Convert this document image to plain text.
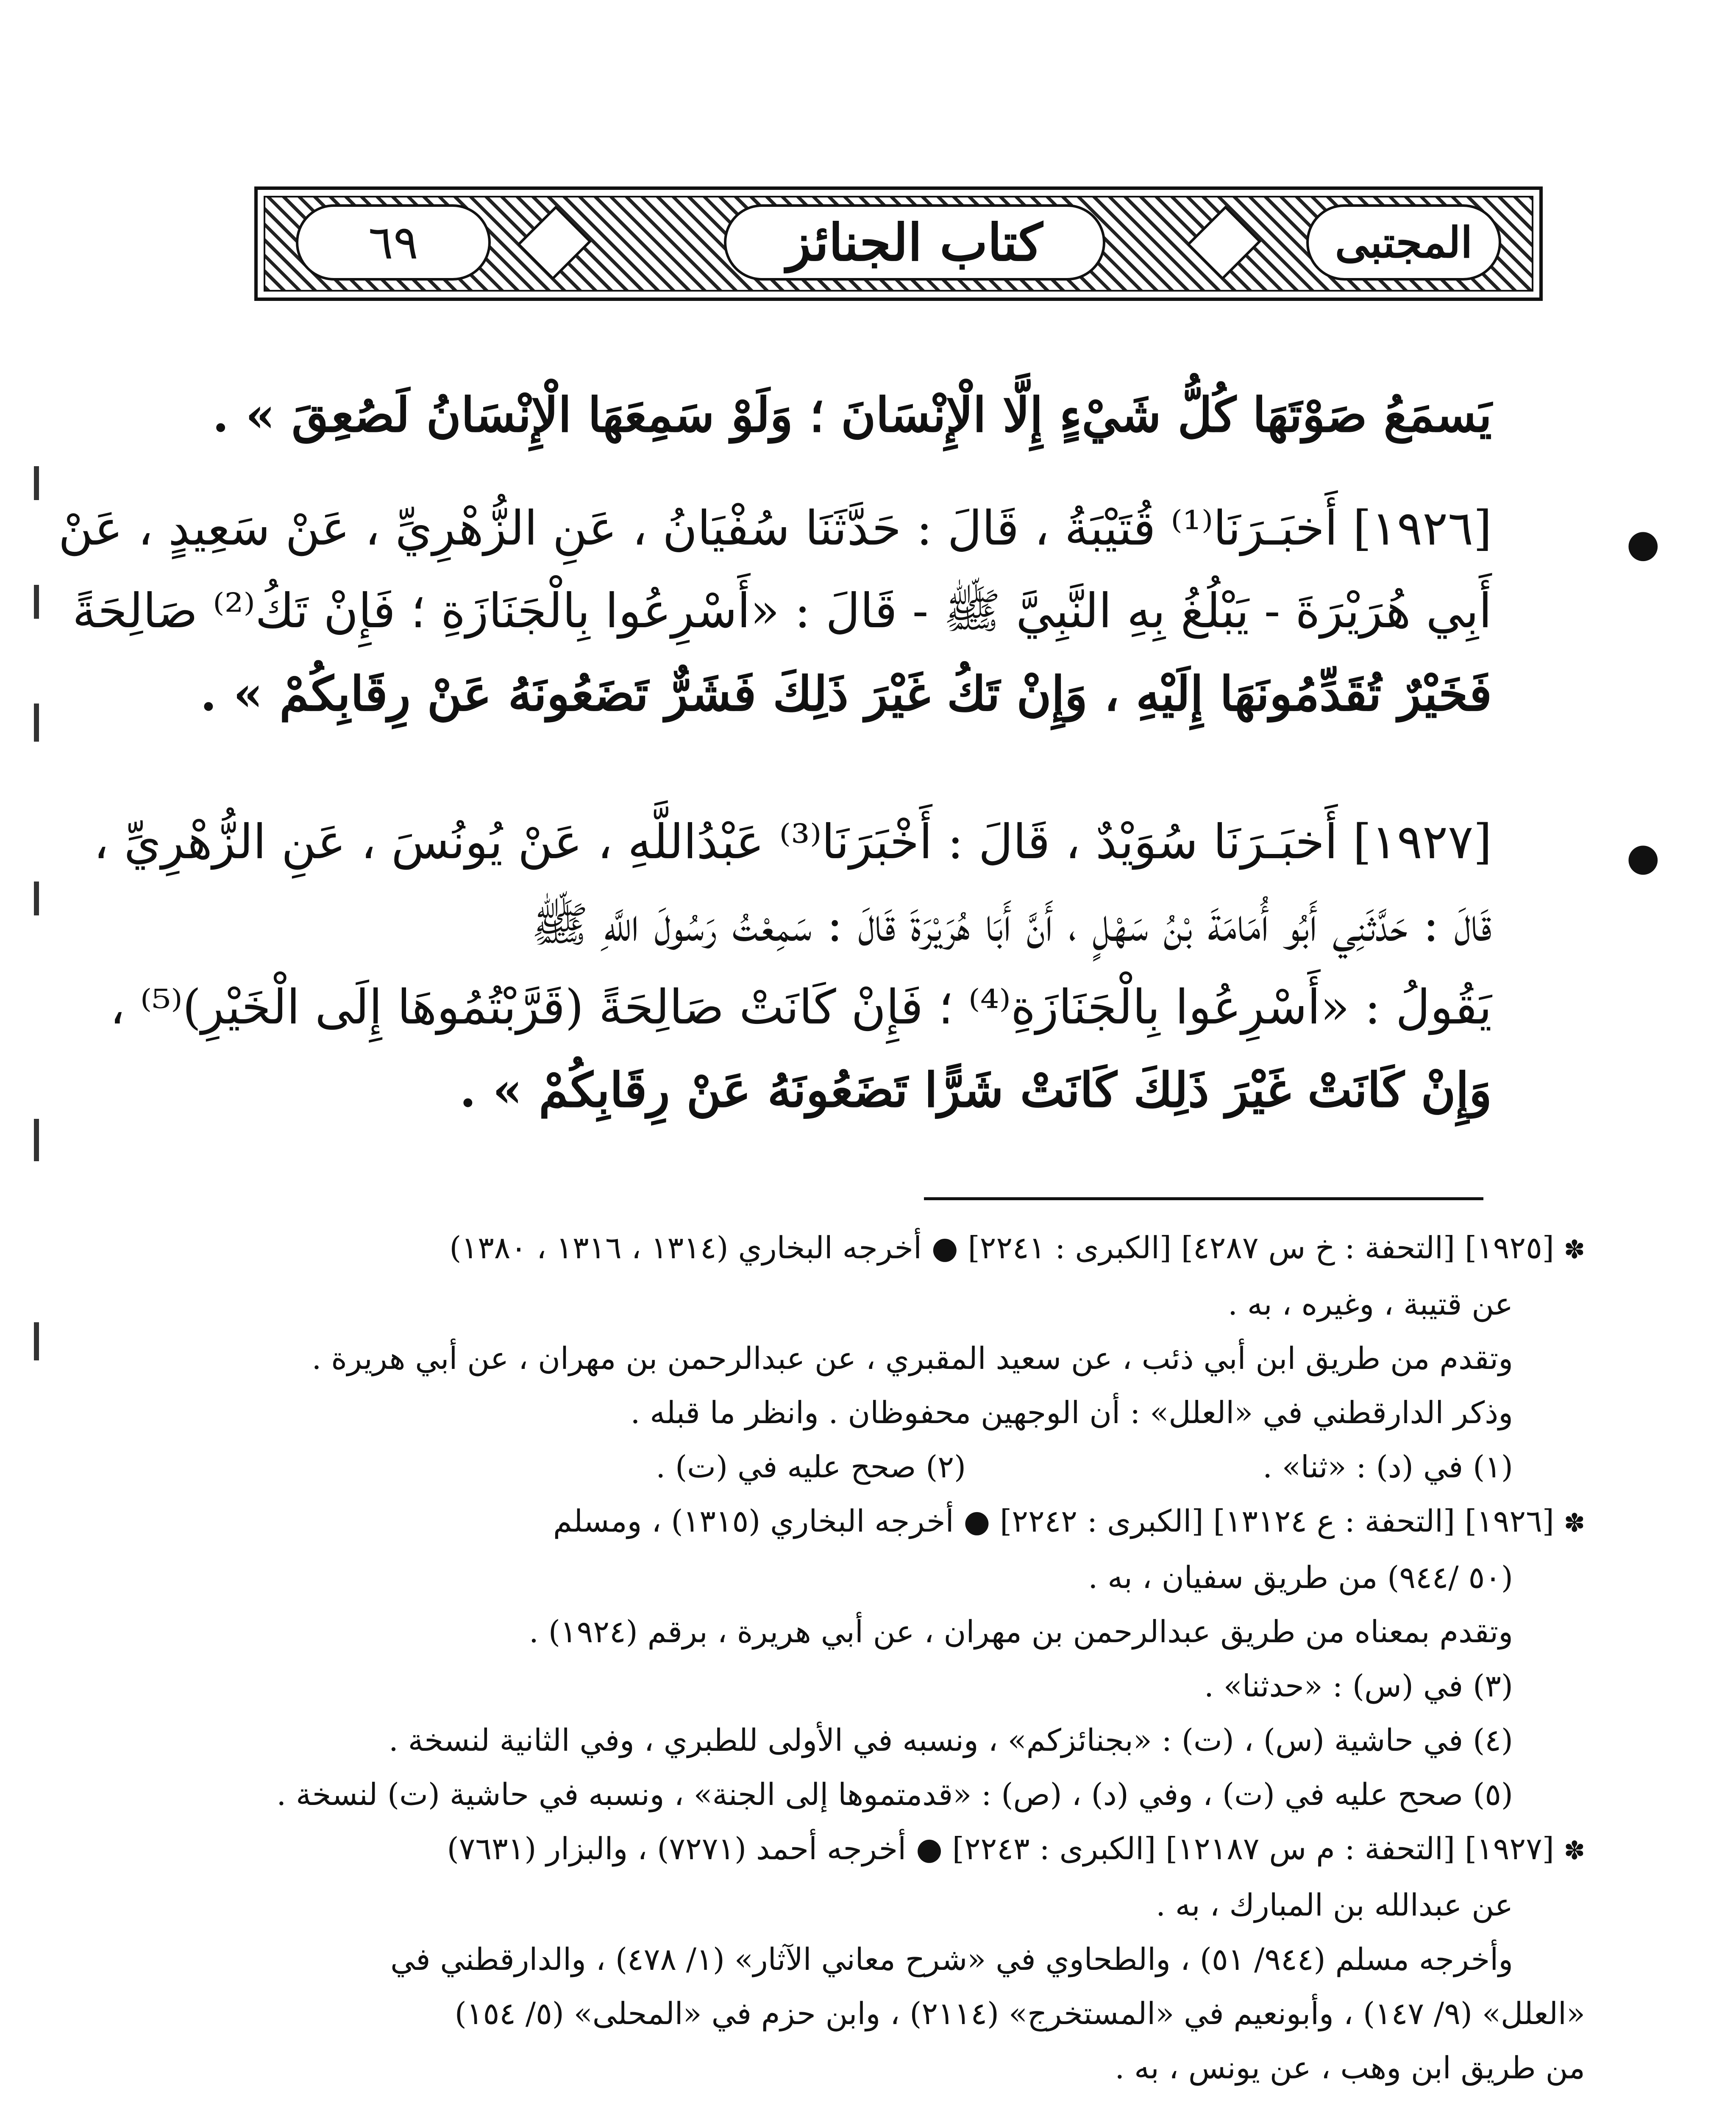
٦٩	كتاب الجنائز	المجتبى
يَسمَعُ صَوْتَهَا كُلُّ شَيْءٍ إِلَّا الْإِنْسَانَ ؛ وَلَوْ سَمِعَهَا الْإِنْسَانُ لَصُعِقَ » .
●
[١٩٢٦] أَخبَـرَنَا⁽¹⁾ قُتَيْبَةُ ، قَالَ : حَدَّثَنَا سُفْيَانُ ، عَنِ الزُّهْرِيِّ ، عَنْ سَعِيدٍ ، عَنْ
أَبِي هُرَيْرَةَ - يَبْلُغُ بِهِ النَّبِيَّ ﷺ - قَالَ : «أَسْرِعُوا بِالْجَنَازَةِ ؛ فَإِنْ تَكُ⁽²⁾ صَالِحَةً
فَخَيْرٌ تُقَدِّمُونَهَا إِلَيْهِ ، وَإِنْ تَكُ غَيْرَ ذَلِكَ فَشَرٌّ تَضَعُونَهُ عَنْ رِقَابِكُمْ » .
●
[١٩٢٧] أَخبَـرَنَا سُوَيْدٌ ، قَالَ : أَخْبَرَنَا⁽³⁾ عَبْدُاللَّهِ ، عَنْ يُونُسَ ، عَنِ الزُّهْرِيِّ ،
قَالَ : حَدَّثَنِي أَبُو أُمَامَةَ بْنُ سَهْلٍ ، أَنَّ أَبَا هُرَيْرَةَ قَالَ : سَمِعْتُ رَسُولَ اللَّهِ ﷺ
يَقُولُ : «أَسْرِعُوا بِالْجَنَازَةِ⁽⁴⁾ ؛ فَإِنْ كَانَتْ صَالِحَةً (قَرَّبْتُمُوهَا إِلَى الْخَيْرِ)⁽⁵⁾ ،
وَإِنْ كَانَتْ غَيْرَ ذَلِكَ كَانَتْ شَرًّا تَضَعُونَهُ عَنْ رِقَابِكُمْ » .
✽ [١٩٢٥] [التحفة : خ س ٤٢٨٧] [الكبرى : ٢٢٤١] ● أخرجه البخاري (١٣١٤ ، ١٣١٦ ، ١٣٨٠)
عن قتيبة ، وغيره ، به .
وتقدم من طريق ابن أبي ذئب ، عن سعيد المقبري ، عن عبدالرحمن بن مهران ، عن أبي هريرة .
وذكر الدارقطني في «العلل» : أن الوجهين محفوظان . وانظر ما قبله .
(١) في (د) : «ثنا» .(٢) صحح عليه في (ت) .
✽ [١٩٢٦] [التحفة : ع ١٣١٢٤] [الكبرى : ٢٢٤٢] ● أخرجه البخاري (١٣١٥) ، ومسلم
(٥٠ /٩٤٤) من طريق سفيان ، به .
وتقدم بمعناه من طريق عبدالرحمن بن مهران ، عن أبي هريرة ، برقم (١٩٢٤) .
(٣) في (س) : «حدثنا» .
(٤) في حاشية (س) ، (ت) : «بجنائزكم» ، ونسبه في الأولى للطبري ، وفي الثانية لنسخة .
(٥) صحح عليه في (ت) ، وفي (د) ، (ص) : «قدمتموها إلى الجنة» ، ونسبه في حاشية (ت) لنسخة .
✽ [١٩٢٧] [التحفة : م س ١٢١٨٧] [الكبرى : ٢٢٤٣] ● أخرجه أحمد (٧٢٧١) ، والبزار (٧٦٣١)
عن عبدالله بن المبارك ، به .
وأخرجه مسلم (٩٤٤/ ٥١) ، والطحاوي في «شرح معاني الآثار» (١/ ٤٧٨) ، والدارقطني في
«العلل» (٩/ ١٤٧) ، وأبونعيم في «المستخرج» (٢١١٤) ، وابن حزم في «المحلى» (٥/ ١٥٤)
من طريق ابن وهب ، عن يونس ، به .
